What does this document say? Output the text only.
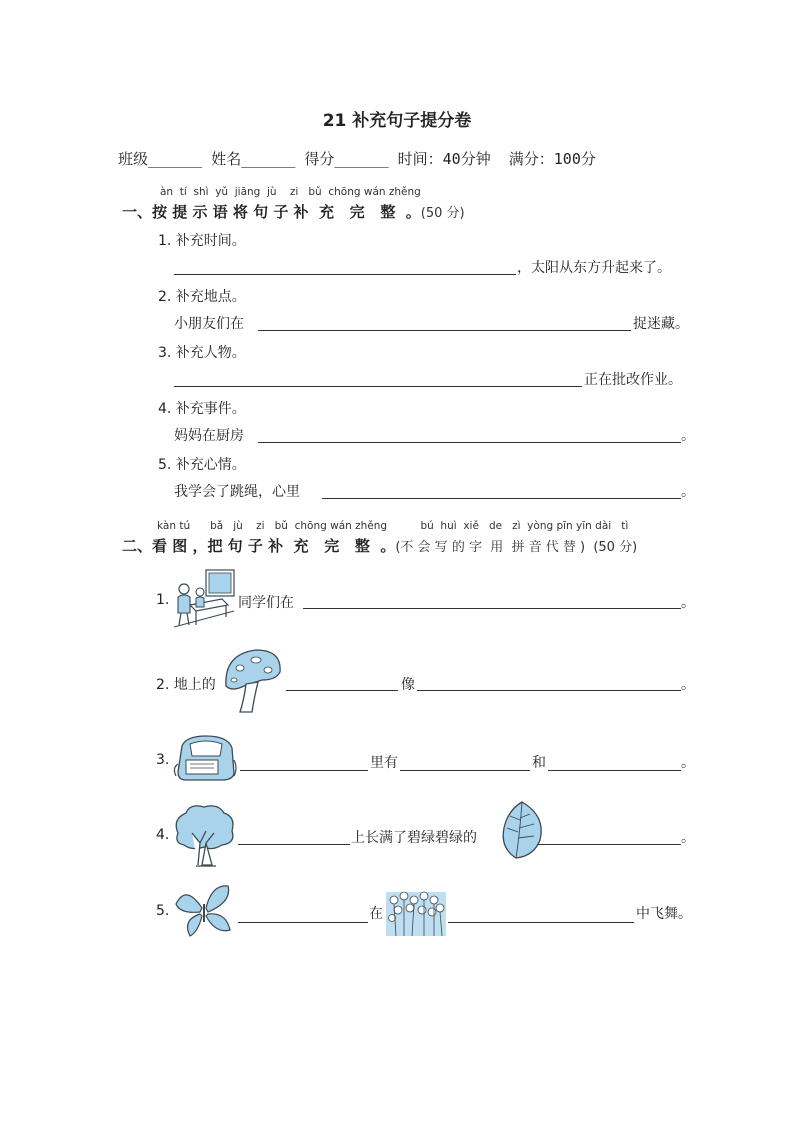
21 补充句子提分卷
班级______ 姓名______ 得分______ 时间：40分钟  满分：100分
àn  tí  shì  yǔ  jiāng  jù    zi   bǔ  chōng wán zhěng
一、按 提 示 语 将 句 子 补  充   完   整  。(50 分)
1. 补充时间。
，太阳从东方升起来了。
2. 补充地点。
小朋友们在	捉迷藏。
3. 补充人物。
正在批改作业。
4. 补充事件。
妈妈在厨房	。
5. 补充心情。
我学会了跳绳，心里	。
kàn tú      bǎ   jù    zi   bǔ  chōng wán zhěng          bú  huì  xiě   de   zì  yòng pīn yīn dài   tì
二、看 图 ，把 句 子 补  充   完   整  。(不 会 写 的 字  用  拼 音 代 替 )  (50 分)
1.	同学们在	。
2. 地上的	像	。
3.	里有	和	。
4.	上长满了碧绿碧绿的	。
5.	在	中飞舞。
